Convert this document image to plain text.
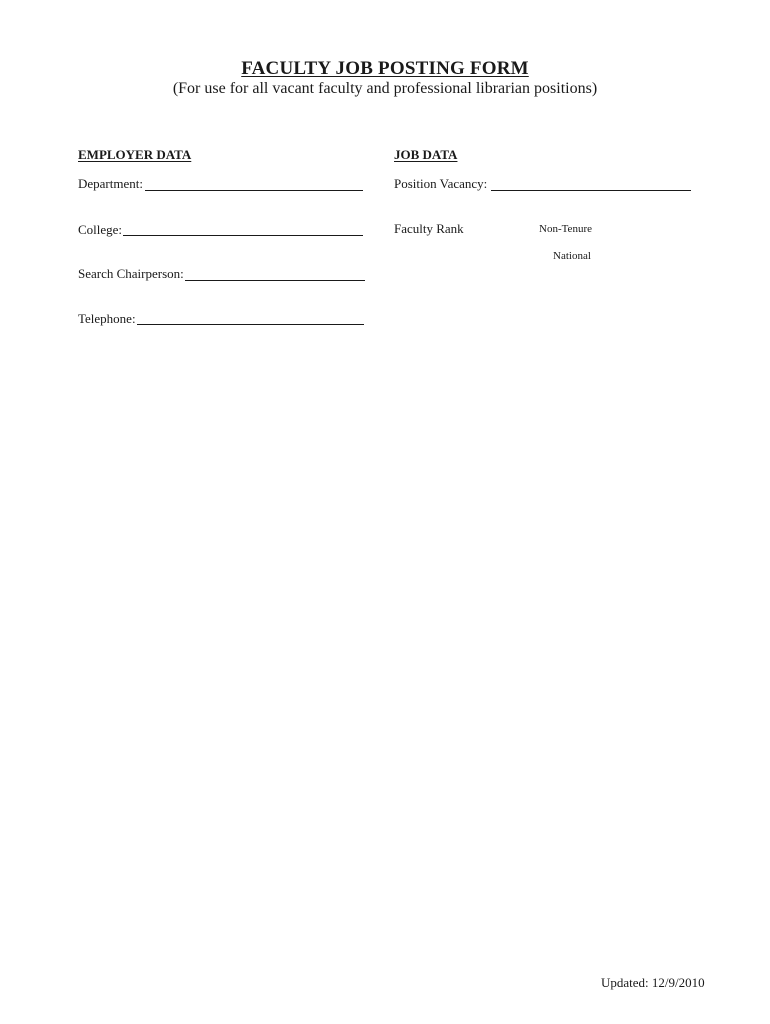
FACULTY JOB POSTING FORM
(For use for all vacant faculty and professional librarian positions)
EMPLOYER DATA
Department:
College:
Search Chairperson:
Telephone:
JOB DATA
Position Vacancy:
Faculty Rank	Non-Tenure
National
Updated: 12/9/2010
